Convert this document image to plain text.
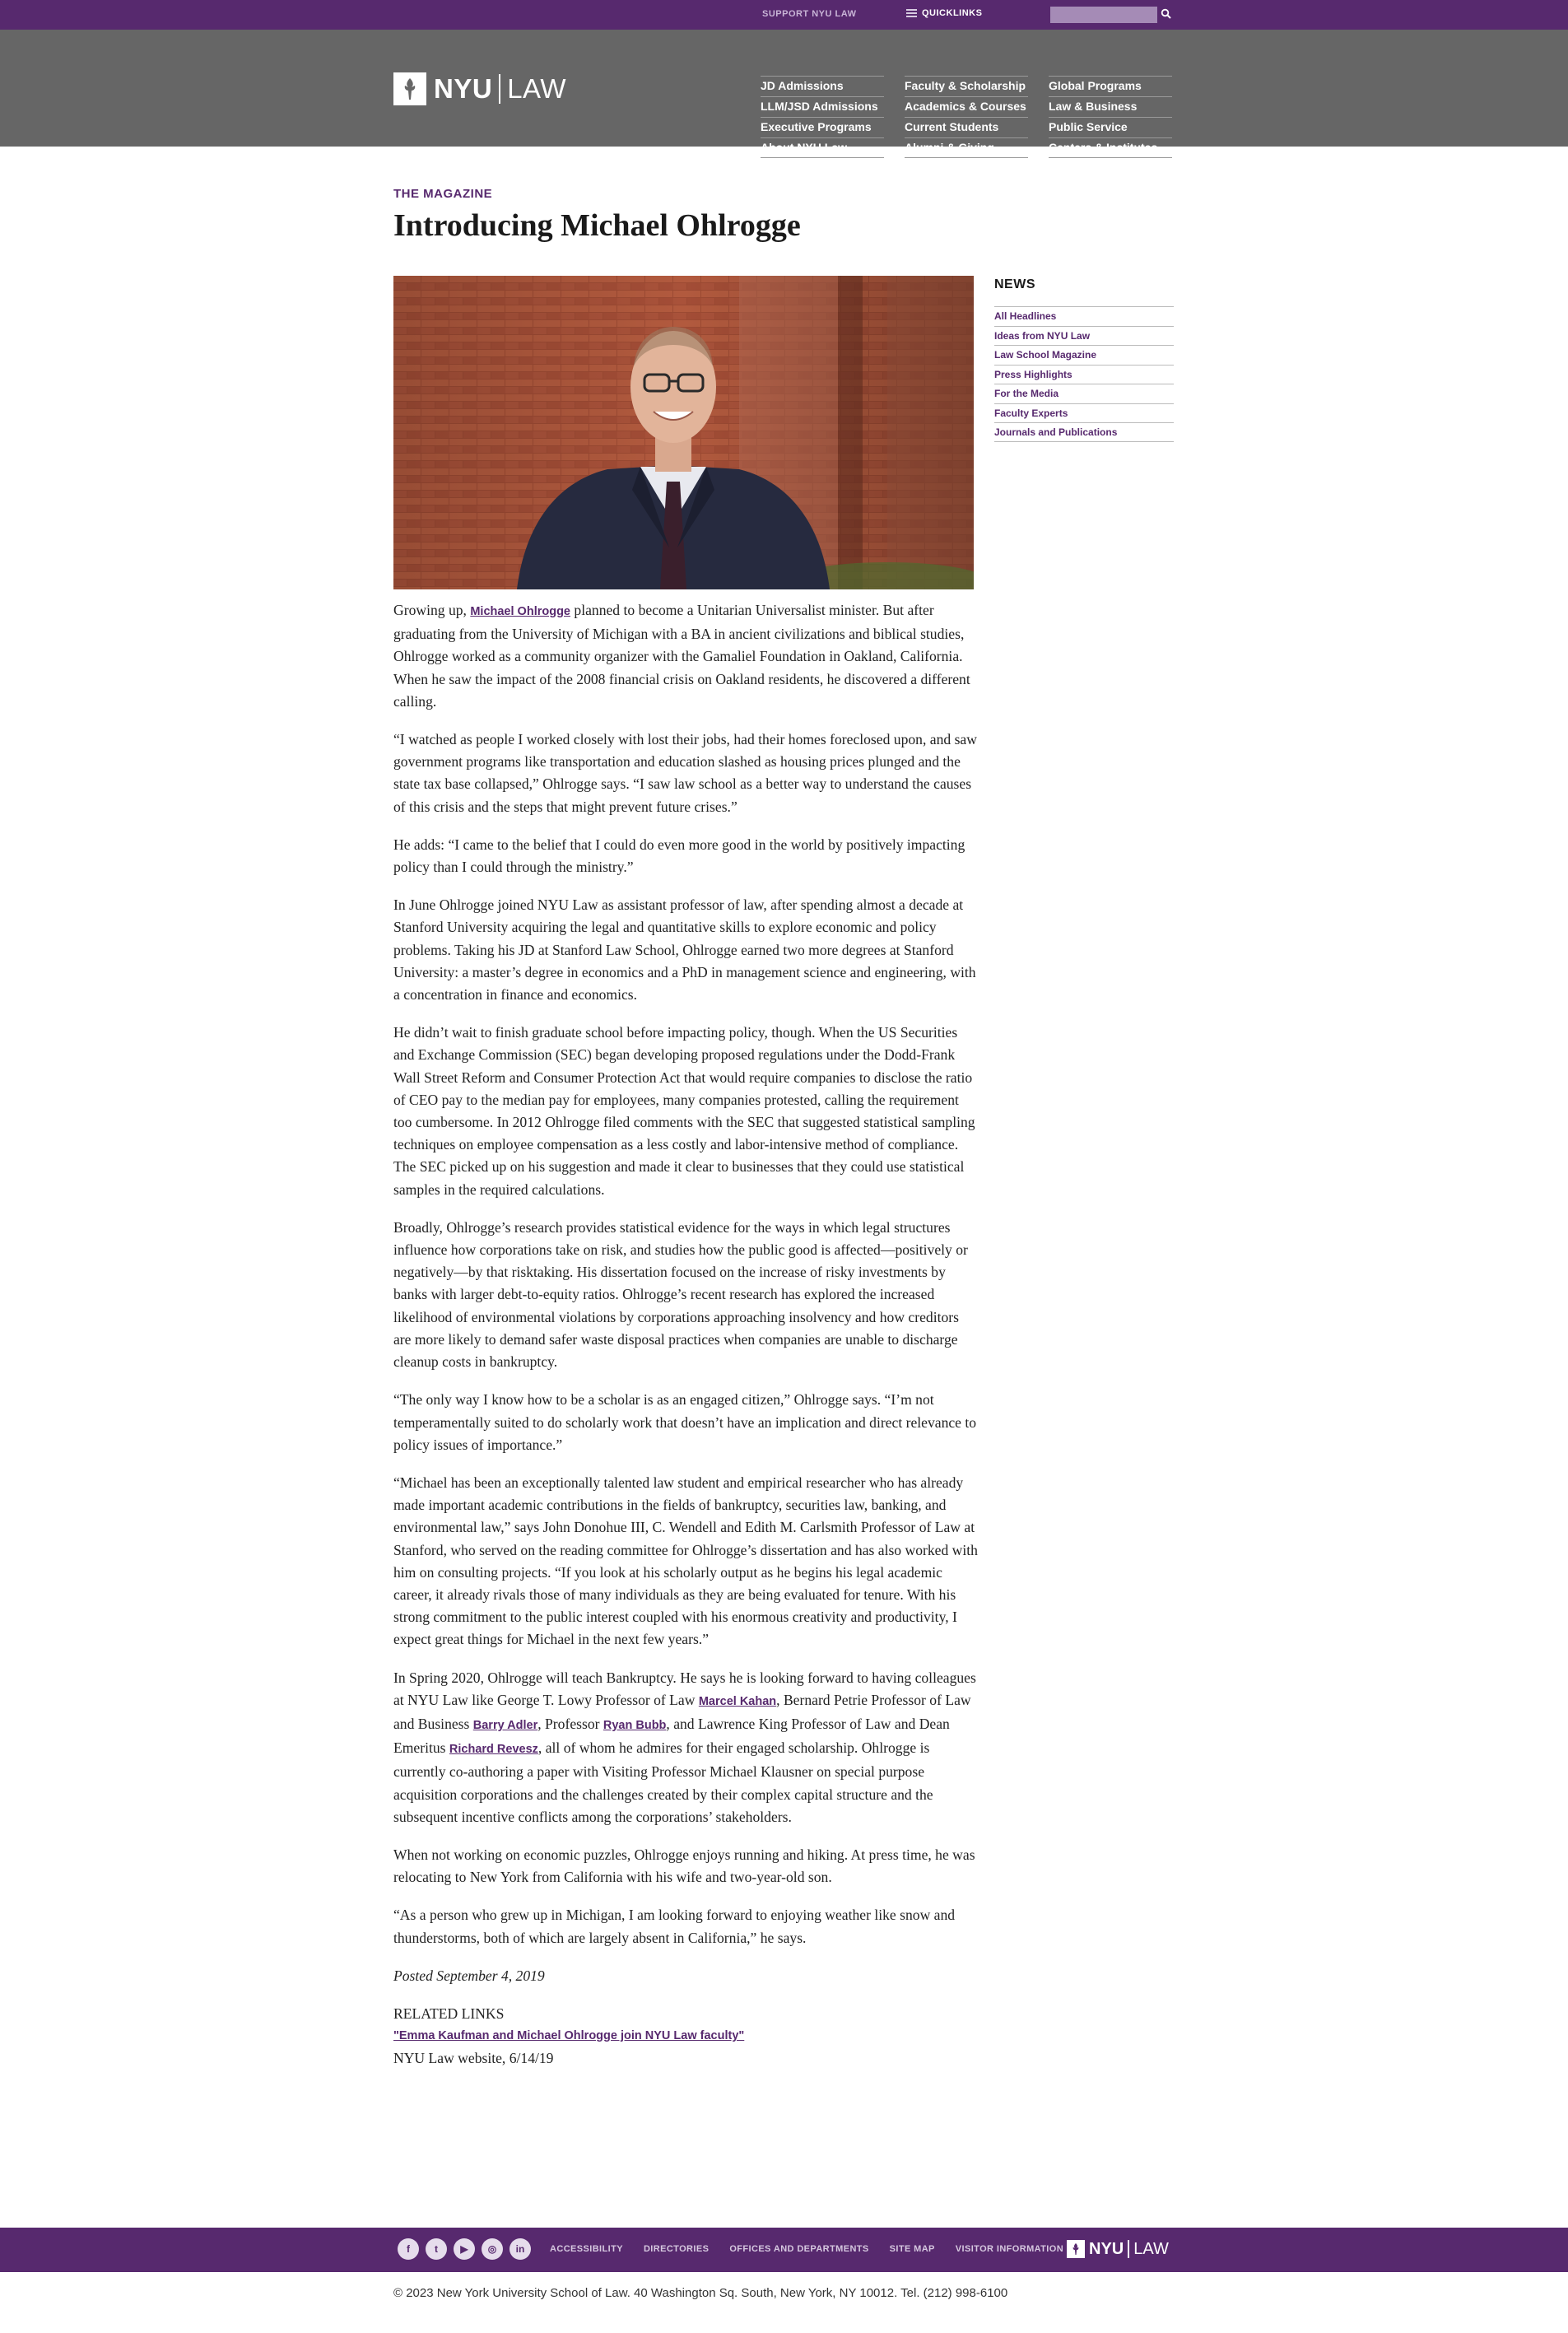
SUPPORT NYU LAW	QUICKLINKS
NYU LAW	JD Admissions
LLM/JSD Admissions
Executive Programs
About NYU Law
Faculty & Scholarship
Academics & Courses
Current Students
Alumni & Giving
Global Programs
Law & Business
Public Service
Centers & Institutes
THE MAGAZINE
Introducing Michael Ohlrogge

Growing up, Michael Ohlrogge planned to become a Unitarian Universalist minister. But after graduating from the University of Michigan with a BA in ancient civilizations and biblical studies, Ohlrogge worked as a community organizer with the Gamaliel Foundation in Oakland, California. When he saw the impact of the 2008 financial crisis on Oakland residents, he discovered a different calling.

“I watched as people I worked closely with lost their jobs, had their homes foreclosed upon, and saw government programs like transportation and education slashed as housing prices plunged and the state tax base collapsed,” Ohlrogge says. “I saw law school as a better way to understand the causes of this crisis and the steps that might prevent future crises.”

He adds: “I came to the belief that I could do even more good in the world by positively impacting policy than I could through the ministry.”

In June Ohlrogge joined NYU Law as assistant professor of law, after spending almost a decade at Stanford University acquiring the legal and quantitative skills to explore economic and policy problems. Taking his JD at Stanford Law School, Ohlrogge earned two more degrees at Stanford University: a master’s degree in economics and a PhD in management science and engineering, with a concentration in finance and economics.

He didn’t wait to finish graduate school before impacting policy, though. When the US Securities and Exchange Commission (SEC) began developing proposed regulations under the Dodd-Frank Wall Street Reform and Consumer Protection Act that would require companies to disclose the ratio of CEO pay to the median pay for employees, many companies protested, calling the requirement too cumbersome. In 2012 Ohlrogge filed comments with the SEC that suggested statistical sampling techniques on employee compensation as a less costly and labor-intensive method of compliance. The SEC picked up on his suggestion and made it clear to businesses that they could use statistical samples in the required calculations.

Broadly, Ohlrogge’s research provides statistical evidence for the ways in which legal structures influence how corporations take on risk, and studies how the public good is affected—positively or negatively—by that risktaking. His dissertation focused on the increase of risky investments by banks with larger debt-to-equity ratios. Ohlrogge’s recent research has explored the increased likelihood of environmental violations by corporations approaching insolvency and how creditors are more likely to demand safer waste disposal practices when companies are unable to discharge cleanup costs in bankruptcy.

“The only way I know how to be a scholar is as an engaged citizen,” Ohlrogge says. “I’m not temperamentally suited to do scholarly work that doesn’t have an implication and direct relevance to policy issues of importance.”

“Michael has been an exceptionally talented law student and empirical researcher who has already made important academic contributions in the fields of bankruptcy, securities law, banking, and environmental law,” says John Donohue III, C. Wendell and Edith M. Carlsmith Professor of Law at Stanford, who served on the reading committee for Ohlrogge’s dissertation and has also worked with him on consulting projects. “If you look at his scholarly output as he begins his legal academic career, it already rivals those of many individuals as they are being evaluated for tenure. With his strong commitment to the public interest coupled with his enormous creativity and productivity, I expect great things for Michael in the next few years.”

In Spring 2020, Ohlrogge will teach Bankruptcy. He says he is looking forward to having colleagues at NYU Law like George T. Lowy Professor of Law Marcel Kahan, Bernard Petrie Professor of Law and Business Barry Adler, Professor Ryan Bubb, and Lawrence King Professor of Law and Dean Emeritus Richard Revesz, all of whom he admires for their engaged scholarship. Ohlrogge is currently co-authoring a paper with Visiting Professor Michael Klausner on special purpose acquisition corporations and the challenges created by their complex capital structure and the subsequent incentive conflicts among the corporations’ stakeholders.

When not working on economic puzzles, Ohlrogge enjoys running and hiking. At press time, he was relocating to New York from California with his wife and two-year-old son.

“As a person who grew up in Michigan, I am looking forward to enjoying weather like snow and thunderstorms, both of which are largely absent in California,” he says.

Posted September 4, 2019

RELATED LINKS
"Emma Kaufman and Michael Ohlrogge join NYU Law faculty"
NYU Law website, 6/14/19
NEWS
All Headlines
Ideas from NYU Law
Law School Magazine
Press Highlights
For the Media
Faculty Experts
Journals and Publications
f	t	▶	◎	in	ACCESSIBILITY DIRECTORIES OFFICES AND DEPARTMENTS SITE MAP VISITOR INFORMATION NYU LAW
© 2023 New York University School of Law. 40 Washington Sq. South, New York, NY 10012. Tel. (212) 998-6100
